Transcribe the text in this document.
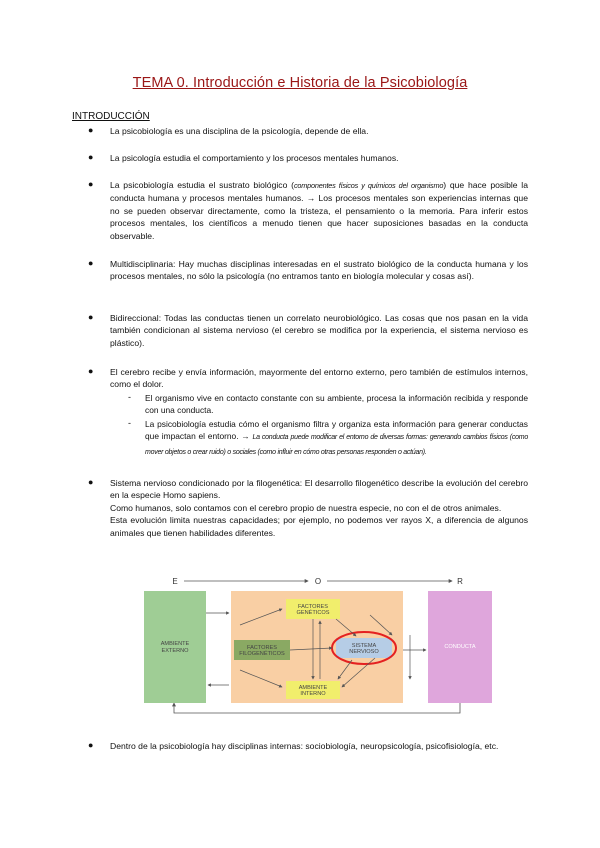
TEMA 0. Introducción e Historia de la Psicobiología
INTRODUCCIÓN
● La psicobiología es una disciplina de la psicología, depende de ella.
● La psicología estudia el comportamiento y los procesos mentales humanos.
● La psicobiología estudia el sustrato biológico (componentes físicos y químicos del organismo) que hace posible la conducta humana y procesos mentales humanos. → Los procesos mentales son experiencias internas que no se pueden observar directamente, como la tristeza, el pensamiento o la memoria. Para inferir estos procesos mentales, los científicos a menudo tienen que hacer suposiciones basadas en la conducta observable.
● Multidisciplinaria: Hay muchas disciplinas interesadas en el sustrato biológico de la conducta humana y los procesos mentales, no sólo la psicología (no entramos tanto en biología molecular y cosas así).
● Bidireccional: Todas las conductas tienen un correlato neurobiológico. Las cosas que nos pasan en la vida también condicionan al sistema nervioso (el cerebro se modifica por la experiencia, el sistema nervioso es plástico).
● El cerebro recibe y envía información, mayormente del entorno externo, pero también de estímulos internos, como el dolor.
- El organismo vive en contacto constante con su ambiente, procesa la información recibida y responde con una conducta.
- La psicobiología estudia cómo el organismo filtra y organiza esta información para generar conductas que impactan el entorno. → La conducta puede modificar el entorno de diversas formas: generando cambios físicos (como mover objetos o crear ruido) o sociales (como influir en cómo otras personas responden o actúan).
● Sistema nervioso condicionado por la filogenética: El desarrollo filogenético describe la evolución del cerebro en la especie Homo sapiens.
Como humanos, solo contamos con el cerebro propio de nuestra especie, no con el de otros animales.
Esta evolución limita nuestras capacidades; por ejemplo, no podemos ver rayos X, a diferencia de algunos animales que tienen habilidades diferentes.
E	O	R
AMBIENTE
EXTERNO
CONDUCTA
FACTORES
GENÉTICOS
FACTORES
FILOGENÉTICOS
SISTEMA
NERVIOSO
AMBIENTE
INTERNO
● Dentro de la psicobiología hay disciplinas internas: sociobiología, neuropsicología, psicofisiología, etc.
